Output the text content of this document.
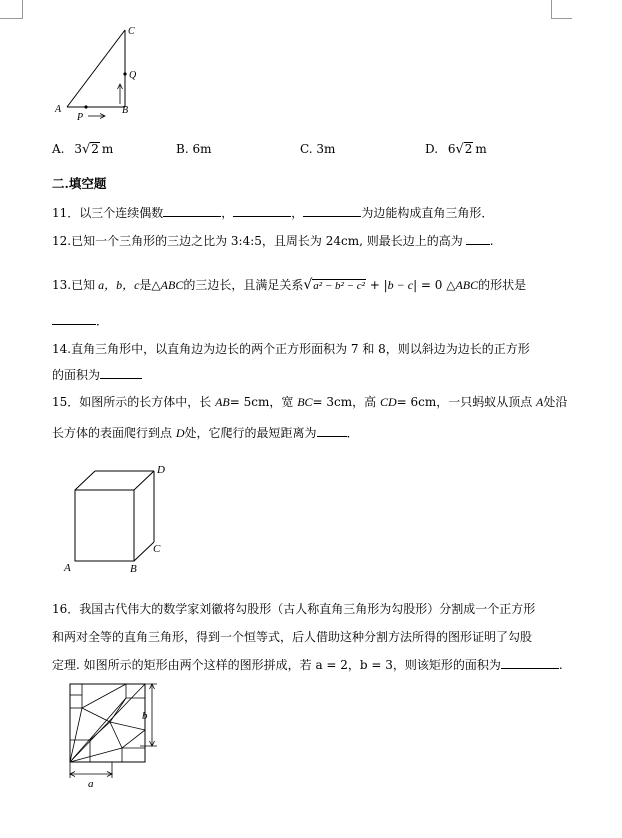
C
Q
A	B
P
A. 3√2 m	B. 6m	C. 3m	D. 6√2 m
二.填空题
11．以三个连续偶数	，	，	为边能构成直角三角形．
12.已知一个三角形的三边之比为 3:4:5，且周长为 24cm, 则最长边上的高为 .
13.已知 a，b，c是△ABC的三边长，且满足关系√a² − b² − c² + |b − c| = 0 △ABC的形状是
．
14.直角三角形中，以直角边为边长的两个正方形面积为 7 和 8，则以斜边为边长的正方形
的面积为
15．如图所示的长方体中，长 AB= 5cm，宽 BC= 3cm，高 CD= 6cm，一只蚂蚁从顶点 A处沿
长方体的表面爬行到点 D处，它爬行的最短距离为	．
D
C
A	B
16．我国古代伟大的数学家刘徽将勾股形（古人称直角三角形为勾股形）分割成一个正方形
和两对全等的直角三角形，得到一个恒等式，后人借助这种分割方法所得的图形证明了勾股
定理. 如图所示的矩形由两个这样的图形拼成，若 a = 2，b = 3，则该矩形的面积为	.
b
a
